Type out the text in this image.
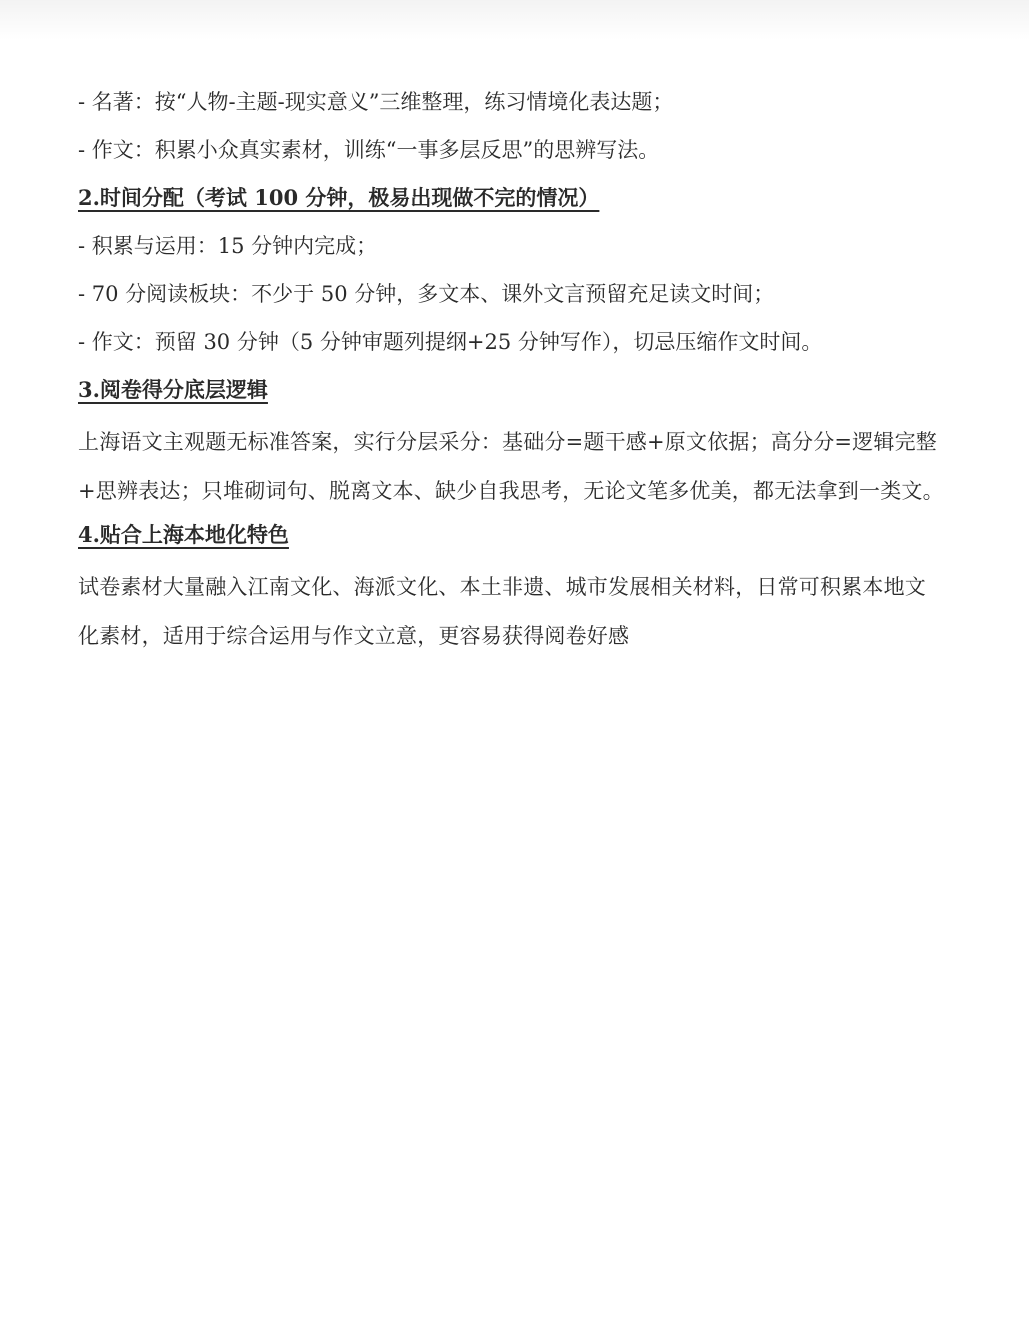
- 名著：按“人物-主题-现实意义”三维整理，练习情境化表达题；

- 作文：积累小众真实素材，训练“一事多层反思”的思辨写法。

2.时间分配（考试 100 分钟，极易出现做不完的情况）

- 积累与运用：15 分钟内完成；

- 70 分阅读板块：不少于 50 分钟，多文本、课外文言预留充足读文时间；

- 作文：预留 30 分钟（5 分钟审题列提纲+25 分钟写作），切忌压缩作文时间。

3.阅卷得分底层逻辑

上海语文主观题无标准答案，实行分层采分：基础分=题干感+原文依据；高分分=逻辑完整+思辨表达；只堆砌词句、脱离文本、缺少自我思考，无论文笔多优美，都无法拿到一类文。

4.贴合上海本地化特色

试卷素材大量融入江南文化、海派文化、本土非遗、城市发展相关材料，日常可积累本地文化素材，适用于综合运用与作文立意，更容易获得阅卷好感
